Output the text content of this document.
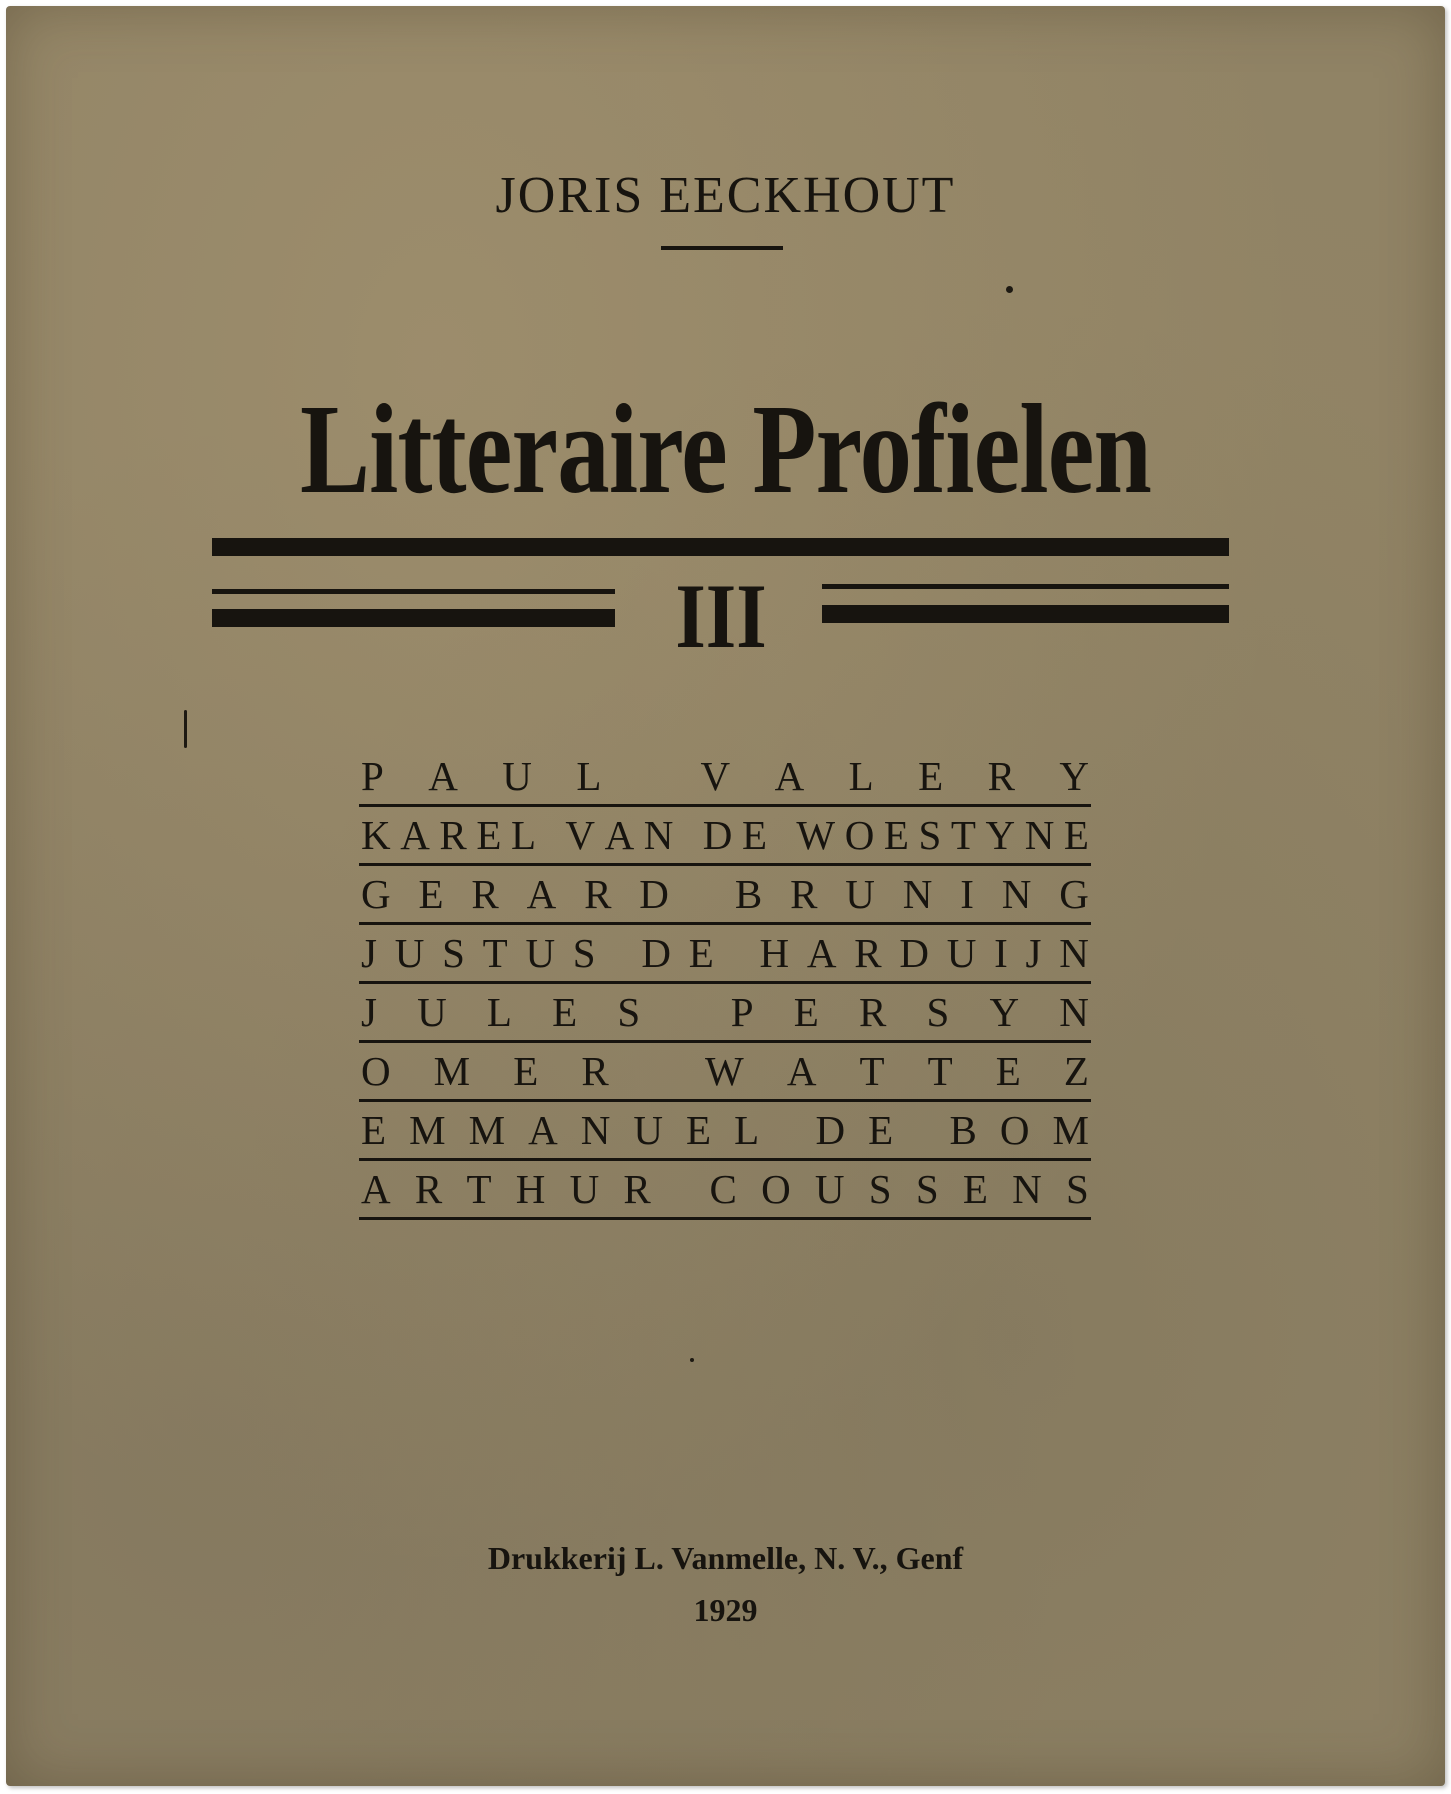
JORIS EECKHOUT
Litteraire Profielen
III
P A U L
V A L E R Y
K A R E L
V A N
D E
W O E S T Y N E
G E R A R D
B R U N I N G
J U S T U S
D E
H A R D U I J N
J U L E S
P E R S Y N
O M E R
W A T T E Z
E M M A N U E L
D E
B O M
A R T H U R
C O U S S E N S
Drukkerij L. Vanmelle, N. V., Genf
1929
